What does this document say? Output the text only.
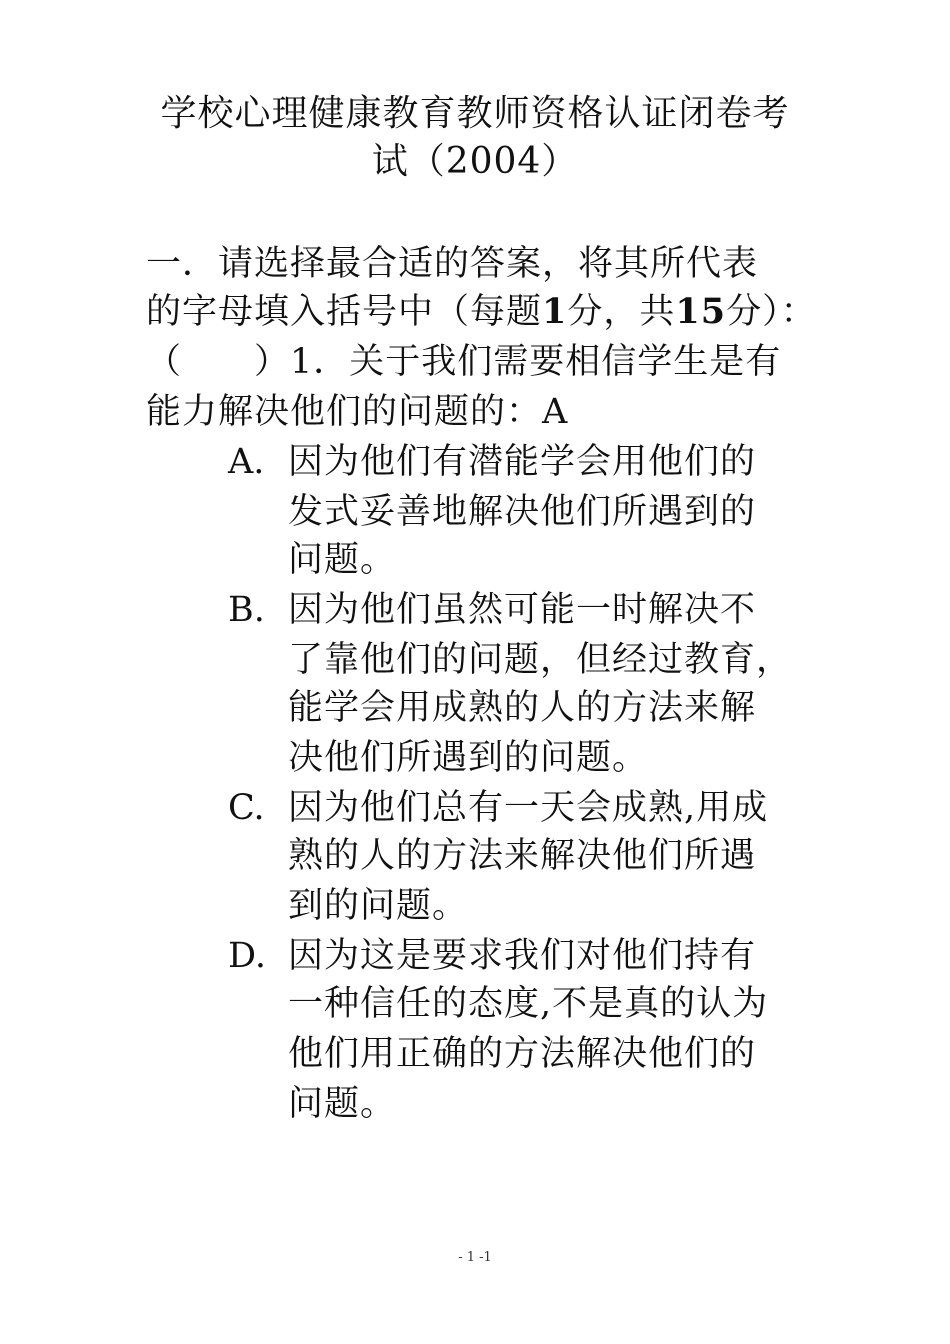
学校心理健康教育教师资格认证闭卷考
试（2004）
一．请选择最合适的答案，将其所代表
的字母填入括号中（每题1分，共15分）：
（　　）1．关于我们需要相信学生是有
能力解决他们的问题的：A
A. 因为他们有潜能学会用他们的
发式妥善地解决他们所遇到的
问题。
B. 因为他们虽然可能一时解决不
了靠他们的问题，但经过教育，
能学会用成熟的人的方法来解
决他们所遇到的问题。
C. 因为他们总有一天会成熟,用成
熟的人的方法来解决他们所遇
到的问题。
D. 因为这是要求我们对他们持有
一种信任的态度,不是真的认为
他们用正确的方法解决他们的
问题。
- 1 -1
